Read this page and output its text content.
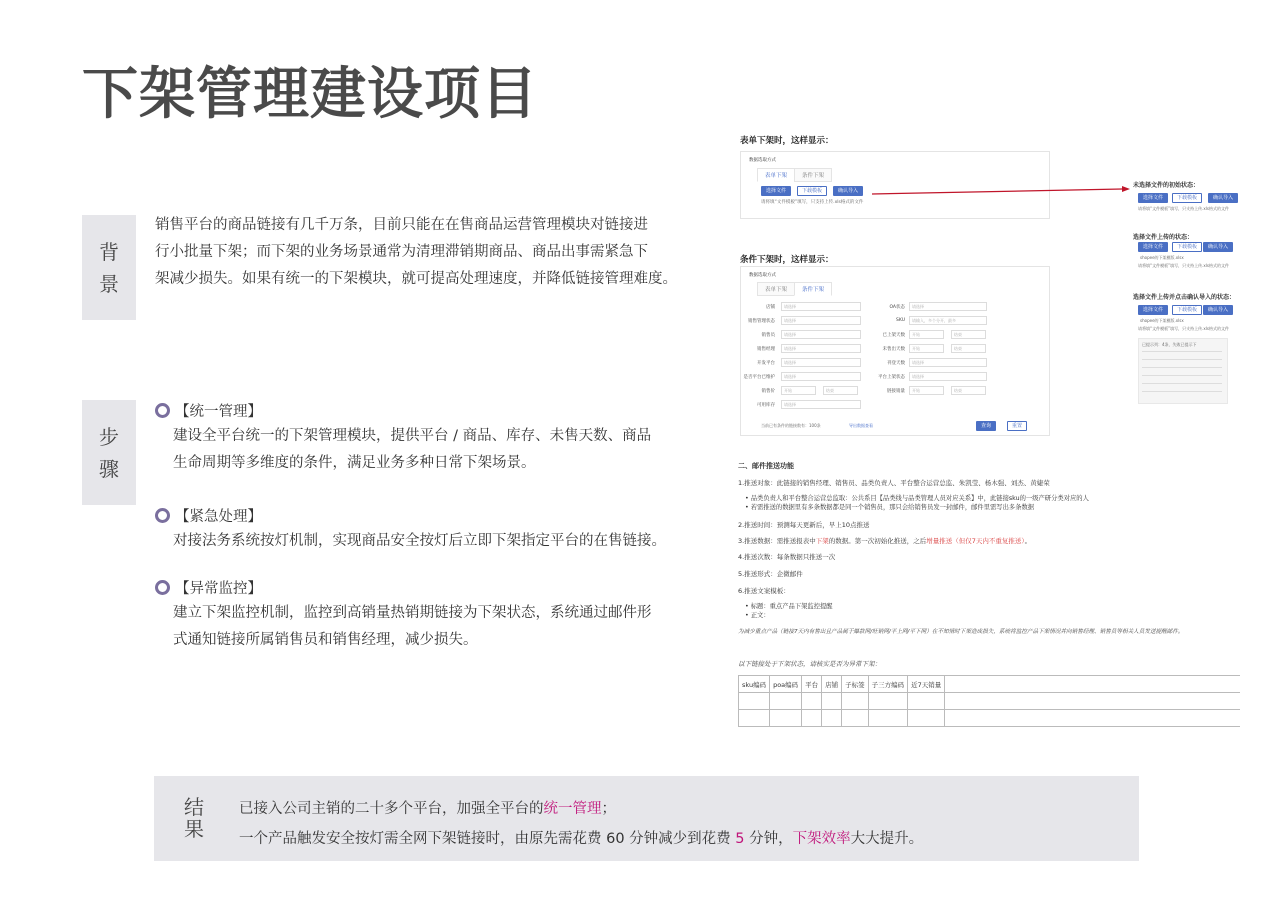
下架管理建设项目
背
景
销售平台的商品链接有几千万条，目前只能在在售商品运营管理模块对链接进
行小批量下架；而下架的业务场景通常为清理滞销期商品、商品出事需紧急下
架减少损失。如果有统一的下架模块，就可提高处理速度，并降低链接管理难度。
步
骤
【统一管理】
建设全平台统一的下架管理模块，提供平台 / 商品、库存、未售天数、商品
生命周期等多维度的条件，满足业务多种日常下架场景。
【紧急处理】
对接法务系统按灯机制，实现商品安全按灯后立即下架指定平台的在售链接。
【异常监控】
建立下架监控机制，监控到高销量热销期链接为下架状态，系统通过邮件形
式通知链接所属销售员和销售经理，减少损失。
结
果
已接入公司主销的二十多个平台，加强全平台的统一管理；
一个产品触发安全按灯需全网下架链接时，由原先需花费 60 分钟减少到花费 5 分钟，下架效率大大提升。
表单下架时，这样显示：
数据选取方式
表单下架	条件下架
选择文件	下载模板	确认导入
请将填“文件模板”填写，只支持上传.xls格式的文件
未选择文件的初始状态：
选择文件	下载模板	确认导入
请将填“文件模板”填写，只支持上传.xls格式的文件
选择文件上传的状态：
选择文件	下载模板 确认导入
shopee的下架模版.xlsx
请将填“文件模板”填写，只支持上传.xls格式的文件
选择文件上传并点击确认导入的状态：
选择文件	下载模板 确认导入
shopee的下架模版.xlsx
请将填“文件模板”填写，只支持上传.xls格式的文件
已提示列：4条，失败已提示下
条件下架时，这样显示：
数据选取方式
表单下架	条件下架
店铺	请选择
销售管理状态	请选择
销售员	请选择
销售经理	请选择
开发平台	请选择
是否平台已维护	请选择
销售价	开始	结束
可用库存	请选择
OA状态	请选择
SKU	请输入，多个分开，最多
已上架天数	开始	结束
未售出天数	开始	结束
刊登天数	请选择
平台上架状态	请选择
链接销量	开始	结束
当前已有条件的链接数有：100条	导出数据查看	查询	重置
二、邮件推送功能
1.推送对象：此链接的销售经理、销售员、品类负责人、平台整合运营总监、朱凯莹、杨木强、刘杰、黄婕荣
• 品类负责人和平台整合运营总监取：公共系目【品类线与品类管理人员对应关系】中，此链接sku的一级产研分类对应的人
• 若需推送的数据里有多条数据都是同一个销售员，那只会给销售员发一封邮件，邮件里需写出多条数据
2.推送时间：预测每天更新后，早上10点推送
3.推送数据：需推送报表中下架的数据。第一次初始化推送，之后增量推送（但仅7天内不重复推送）。
4.推送次数：每条数据只推送一次
5.推送形式：企微邮件
6.推送文案模板：
• 标题：重点产品下架监控提醒
• 正文：
为减少重点产品（链接7天内有售出且产品属于爆款网/旺销网/平上网/平下网）在不知情时下架造成损失，系统将监控产品下架情况并向销售经理、销售员等相关人员发送提醒邮件。
以下链接处于下架状态，请核实是否为异常下架：
sku编码	poa编码	平台	店铺	子标签	子三方编码	近7天销量	
